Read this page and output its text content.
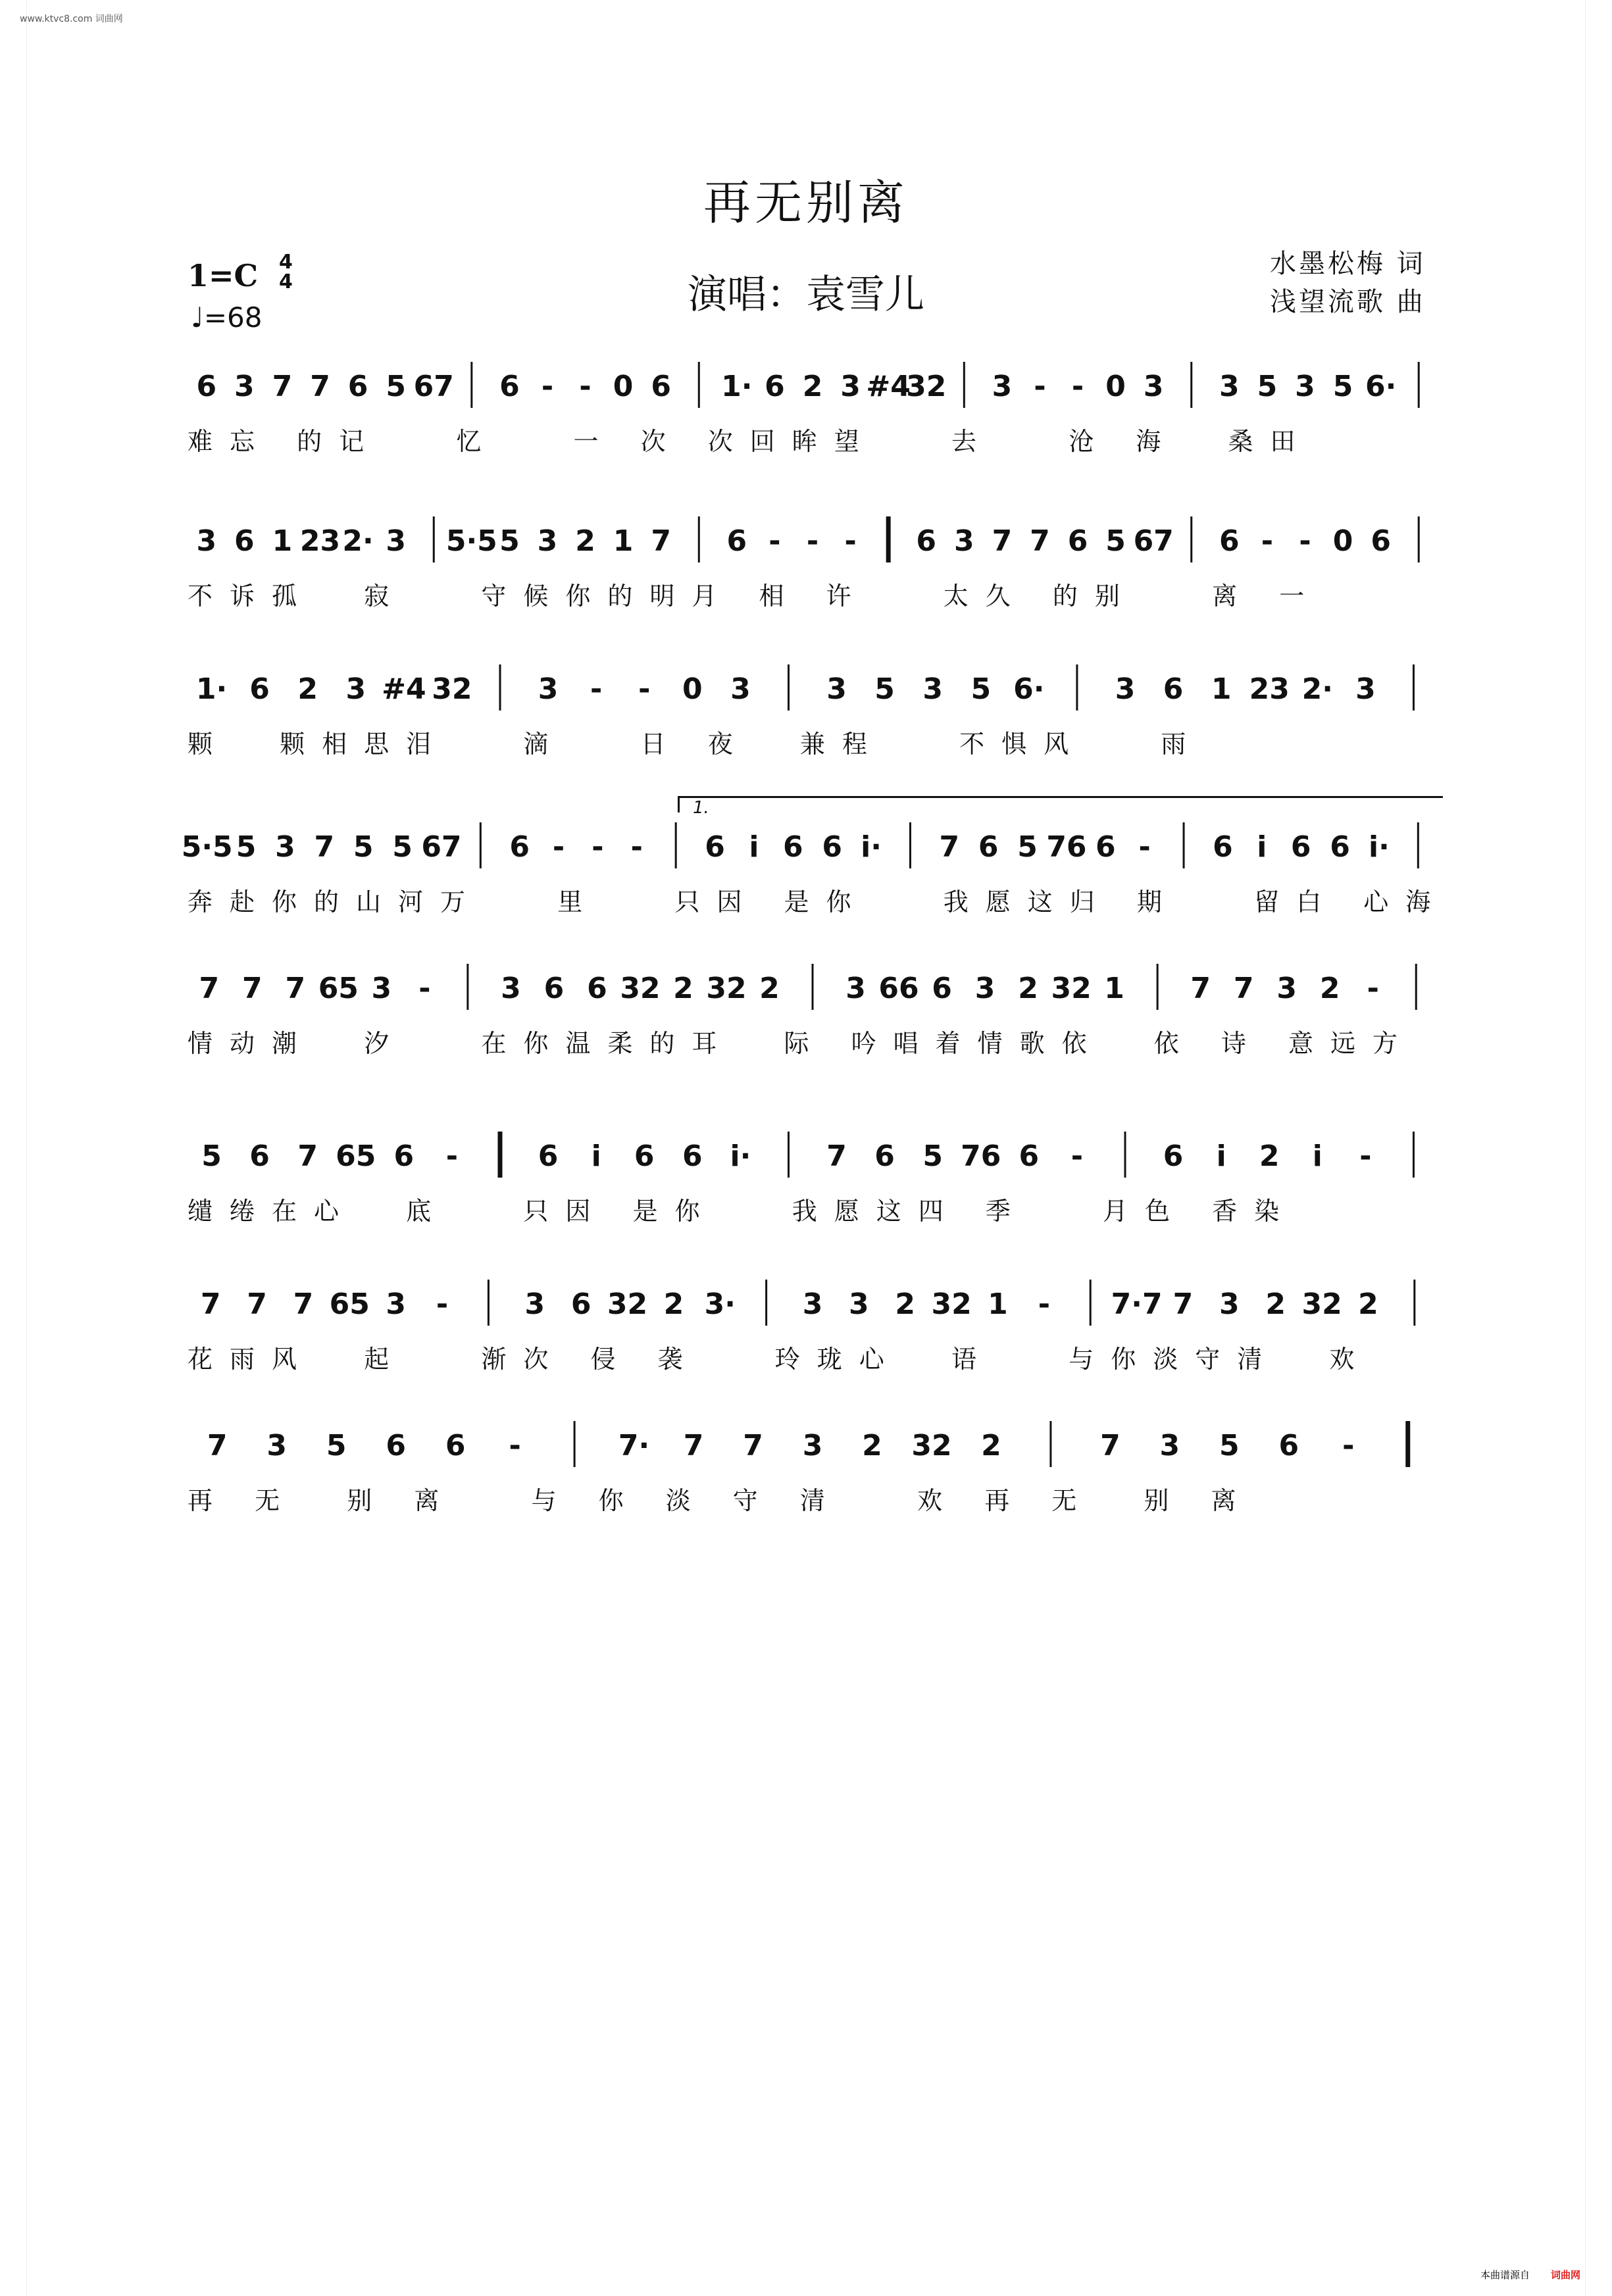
www.ktvc8.com 词曲网
再无别离
1=C 4
4
♩=68	演唱：袁雪儿
水墨松梅 词
浅望流歌 曲
6 3 7 7 6 5 67 6 - - 0 6 1· 6 2 3 #4
32 3 - - 0 3 3 5 3 5 6·
难忘 的记   忆   一 次 次回眸望   去   沧 海  桑田
3 6 1 23 2· 3 5·5 5 3 2 1 7 6 - - - 6 3 7 7 6 5 67 6 - - 0 6
不诉孤  寂   守候你的明月 相 许   太久 的别   离 一
1· 6 2 3 #4 32 3 - - 0 3	3 5 3 5 6· 3 6 1 23 2· 3
颗  颗相思泪   滴   日 夜  兼程   不惧风   雨
5·5 5 3 7 5 5 67 6 - - - 6 i 6 6 i· 7 6 5 76 6 - 6 i 6 6 i·
奔赴你的山河万   里   只因 是你   我愿这归 期   留白 心海
1.
7 7 7 65 3 - 3 6 6 32 2 32 2 3 66 6 3 2 32 1 7 7 3 2 -
情动潮  汐   在你温柔的耳  际 吟唱着情歌依  依 诗 意远方
5 6 7 65 6 -	6 i 6 6 i·	7 6 5 76 6 -	6 i 2 i -
缱绻在心  底   只因 是你   我愿这四 季   月色 香染
7 7 7 65 3 -	3 6 32 2 3· 3 3 2 32 1 - 7·7 7 3 2 32 2
花雨风  起   渐次 侵 袭   玲珑心  语   与你淡守清  欢
7 3 5 6 6 -	7· 7 7 3 2 32 2	7 3 5 6 -
再 无  别 离   与 你 淡 守 清   欢 再 无  别 离
本曲谱源自 词曲网
